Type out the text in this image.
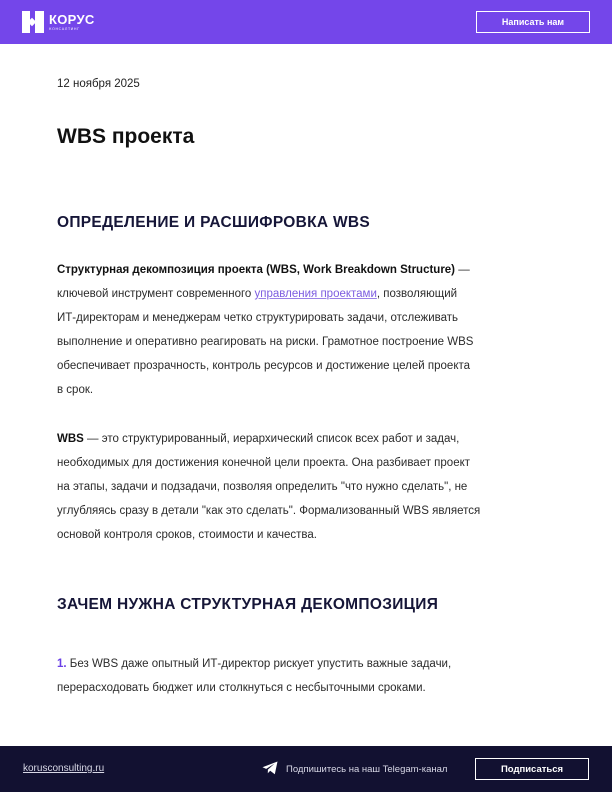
КОРУС
КОНСАЛТИНГ
Написать нам
12 ноября 2025
WBS проекта
ОПРЕДЕЛЕНИЕ И РАСШИФРОВКА WBS
Структурная декомпозиция проекта (WBS, Work Breakdown Structure) —
ключевой инструмент современного управления проектами, позволяющий
ИТ-директорам и менеджерам четко структурировать задачи, отслеживать
выполнение и оперативно реагировать на риски. Грамотное построение WBS
обеспечивает прозрачность, контроль ресурсов и достижение целей проекта
в срок.
WBS — это структурированный, иерархический список всех работ и задач,
необходимых для достижения конечной цели проекта. Она разбивает проект
на этапы, задачи и подзадачи, позволяя определить "что нужно сделать", не
углубляясь сразу в детали "как это сделать". Формализованный WBS является
основой контроля сроков, стоимости и качества.
ЗАЧЕМ НУЖНА СТРУКТУРНАЯ ДЕКОМПОЗИЦИЯ
1. Без WBS даже опытный ИТ-директор рискует упустить важные задачи,
перерасходовать бюджет или столкнуться с несбыточными сроками.
korusconsulting.ru	Подпишитесь на наш Telegam-канал	Подписаться
